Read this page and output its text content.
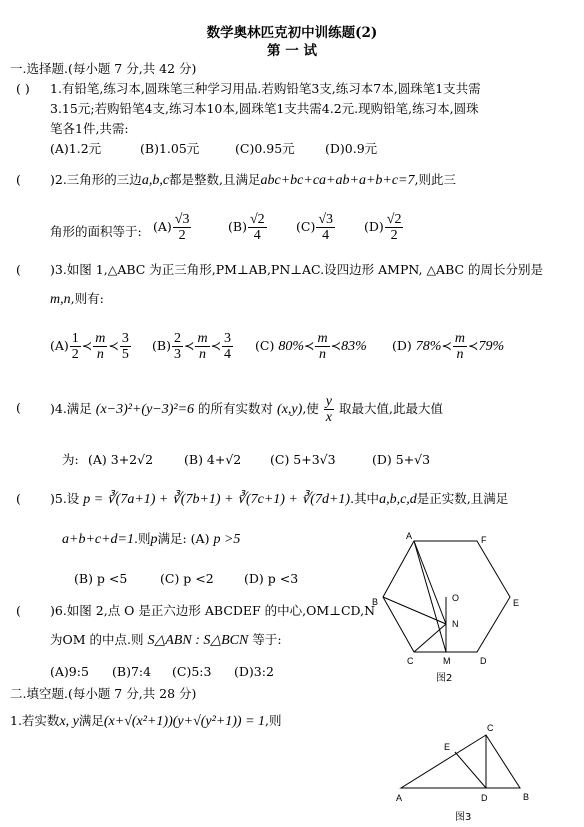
数学奥林匹克初中训练题(2)
第 一 试
一.选择题.(每小题 7 分,共 42 分)
( ) 1.有铅笔,练习本,圆珠笔三种学习用品.若购铅笔3支,练习本7本,圆珠笔1支共需
3.15元;若购铅笔4支,练习本10本,圆珠笔1支共需4.2元.现购铅笔,练习本,圆珠
笔各1件,共需:
(A)1.2元	(B)1.05元	(C)0.95元 (D)0.9元
( )2.三角形的三边a,b,c都是整数,且满足abc+bc+ca+ab+a+b+c=7,则此三
角形的面积等于: $(A) \frac{√3}{2}$	$(B) \frac{√2}{4} (C) \frac{√3}{4} (D) \frac{√2}{2}$
( )3.如图 1,△ABC 为正三角形,PM⊥AB,PN⊥AC.设四边形 AMPN, △ABC 的周长分别是
m,n,则有:
$(A) \frac{1}{2}$ ≺ $\frac{m}{n}$ ≺ $\frac{3}{5} (B) \frac{2}{3}$ ≺ $\frac{m}{n}$ ≺ $\frac{3}{4} (C)$ 80%≺ $\frac{m}{n}$ ≺83% (D) 78%≺ $\frac{m}{n}$ ≺79%
( )4.满足 (x−3)²+(y−3)²=6 的所有实数对 (x,y),使 $\frac{y}{x}$ 取最大值,此最大值
为: (A) 3+2√2 (B) 4+√2 (C) 5+3√3	(D) 5+√3
( )5.设 p = ∛(7a+1) + ∛(7b+1) + ∛(7c+1) + ∛(7d+1).其中a,b,c,d是正实数,且满足
a+b+c+d=1.则p满足: (A) p >5
(B) p <5	(C) p <2 (D) p <3
( )6.如图 2,点 O 是正六边形 ABCDEF 的中心,OM⊥CD,N
为OM 的中点.则 S△ABN : S△BCN 等于:
(A)9:5 (B)7:4 (C)5:3 (D)3:2
二.填空题.(每小题 7 分,共 28 分)
1.若实数x, y满足(x+√(x²+1))(y+√(y²+1)) = 1,则
A	F
B	E
O
N
C	M	D
图2
C
E
A	D	B
图3
